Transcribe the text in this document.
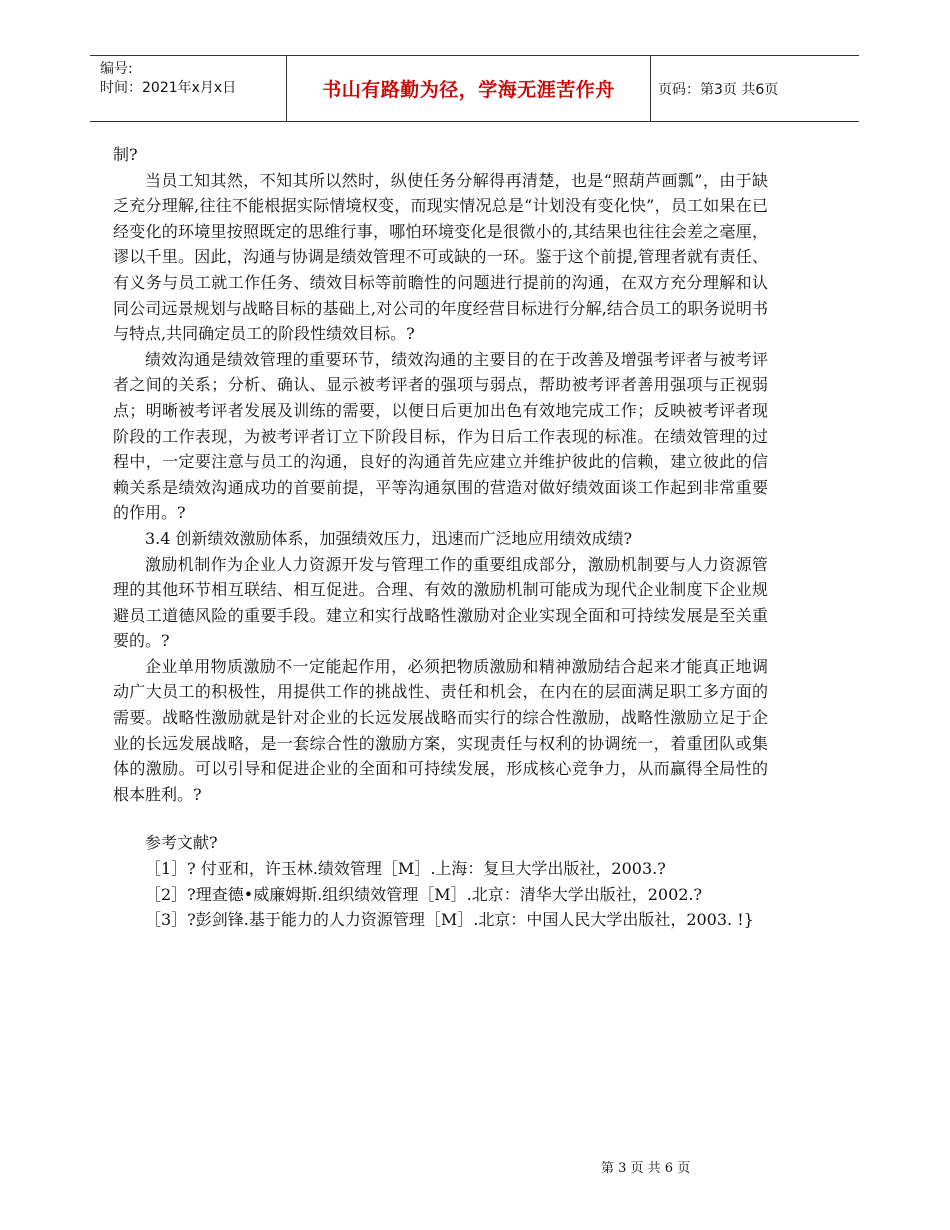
编号:
时间：2021年x月x日	书山有路勤为径，学海无涯苦作舟	页码：第3页 共6页

制?

当员工知其然，不知其所以然时，纵使任务分解得再清楚，也是“照葫芦画瓢”，由于缺乏充分理解,往往不能根据实际情境权变，而现实情况总是“计划没有变化快”，员工如果在已经变化的环境里按照既定的思维行事，哪怕环境变化是很微小的,其结果也往往会差之毫厘，谬以千里。因此，沟通与协调是绩效管理不可或缺的一环。鉴于这个前提,管理者就有责任、有义务与员工就工作任务、绩效目标等前瞻性的问题进行提前的沟通，在双方充分理解和认同公司远景规划与战略目标的基础上,对公司的年度经营目标进行分解,结合员工的职务说明书与特点,共同确定员工的阶段性绩效目标。?

绩效沟通是绩效管理的重要环节，绩效沟通的主要目的在于改善及增强考评者与被考评者之间的关系；分析、确认、显示被考评者的强项与弱点，帮助被考评者善用强项与正视弱点；明晰被考评者发展及训练的需要，以便日后更加出色有效地完成工作；反映被考评者现阶段的工作表现，为被考评者订立下阶段目标，作为日后工作表现的标准。在绩效管理的过程中，一定要注意与员工的沟通，良好的沟通首先应建立并维护彼此的信赖，建立彼此的信赖关系是绩效沟通成功的首要前提，平等沟通氛围的营造对做好绩效面谈工作起到非常重要的作用。?

3.4 创新绩效激励体系，加强绩效压力，迅速而广泛地应用绩效成绩?

激励机制作为企业人力资源开发与管理工作的重要组成部分，激励机制要与人力资源管理的其他环节相互联结、相互促进。合理、有效的激励机制可能成为现代企业制度下企业规避员工道德风险的重要手段。建立和实行战略性激励对企业实现全面和可持续发展是至关重要的。?

企业单用物质激励不一定能起作用，必须把物质激励和精神激励结合起来才能真正地调动广大员工的积极性，用提供工作的挑战性、责任和机会，在内在的层面满足职工多方面的需要。战略性激励就是针对企业的长远发展战略而实行的综合性激励，战略性激励立足于企业的长远发展战略，是一套综合性的激励方案，实现责任与权利的协调统一，着重团队或集体的激励。可以引导和促进企业的全面和可持续发展，形成核心竞争力，从而赢得全局性的根本胜利。?

参考文献?

［1］? 付亚和，许玉林.绩效管理［M］.上海：复旦大学出版社，2003.?

［2］?理查德•威廉姆斯.组织绩效管理［M］.北京：清华大学出版社，2002.?

［3］?彭剑锋.基于能力的人力资源管理［M］.北京：中国人民大学出版社，2003. !}

第 3 页 共 6 页
